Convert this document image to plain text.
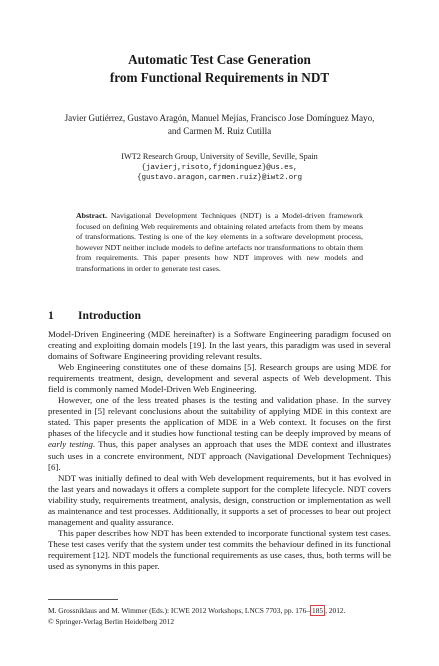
Automatic Test Case Generation
from Functional Requirements in NDT
Javier Gutiérrez, Gustavo Aragón, Manuel Mejías, Francisco Jose Domínguez Mayo,
and Carmen M. Ruiz Cutilla
IWT2 Research Group, University of Seville, Seville, Spain
{javierj,risoto,fjdominguez}@us.es,
{gustavo.aragon,carmen.ruiz}@iwt2.org
Abstract. Navigational Development Techniques (NDT) is a Model-driven framework focused on defining Web requirements and obtaining related artefacts from them by means of transformations. Testing is one of the key elements in a software development process, however NDT neither include models to define artefacts nor transformations to obtain them from requirements. This paper presents how NDT improves with new models and transformations in order to generate test cases.
1 Introduction

Model-Driven Engineering (MDE hereinafter) is a Software Engineering paradigm focused on creating and exploiting domain models [19]. In the last years, this paradigm was used in several domains of Software Engineering providing relevant results.

Web Engineering constitutes one of these domains [5]. Research groups are using MDE for requirements treatment, design, development and several aspects of Web development. This field is commonly named Model-Driven Web Engineering.

However, one of the less treated phases is the testing and validation phase. In the survey presented in [5] relevant conclusions about the suitability of applying MDE in this context are stated. This paper presents the application of MDE in a Web context. It focuses on the first phases of the lifecycle and it studies how functional testing can be deeply improved by means of early testing. Thus, this paper analyses an approach that uses the MDE context and illustrates such uses in a concrete environment, NDT approach (Navigational Development Techniques)[6].

NDT was initially defined to deal with Web development requirements, but it has evolved in the last years and nowadays it offers a complete support for the complete lifecycle. NDT covers viability study, requirements treatment, analysis, design, construction or implementation as well as maintenance and test processes. Additionally, it supports a set of processes to bear out project management and quality assurance.

This paper describes how NDT has been extended to incorporate functional system test cases. These test cases verify that the system under test commits the behaviour defined in its functional requirement [12]. NDT models the functional requirements as use cases, thus, both terms will be used as synonyms in this paper.

M. Grossniklaus and M. Wimmer (Eds.): ICWE 2012 Workshops, LNCS 7703, pp. 176– 185 , 2012.
© Springer-Verlag Berlin Heidelberg 2012
